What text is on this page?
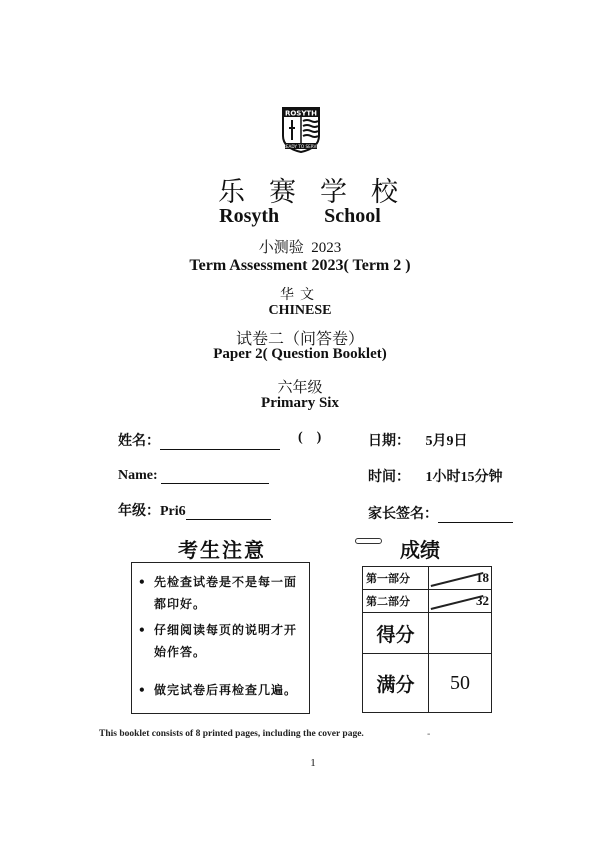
ROSYTH
READY TO SERVE
乐赛学校
Rosyth   School
小测验  2023
Term Assessment 2023( Term 2 )
华文
CHINESE
试卷二（问答卷）
Paper 2( Question Booklet)
六年级
Primary Six
姓名：	(    )
Name:
年级：Pri6
日期： 5月9日
时间： 1小时15分钟
家长签名：
考生注意
• 先检查试卷是不是每一面都印好。
• 仔细阅读每页的说明才开始作答。
• 做完试卷后再检查几遍。
成绩
第一部分	18
第二部分	32
得分	
满分	50
This booklet consists of 8 printed pages, including the cover page.	-
1
